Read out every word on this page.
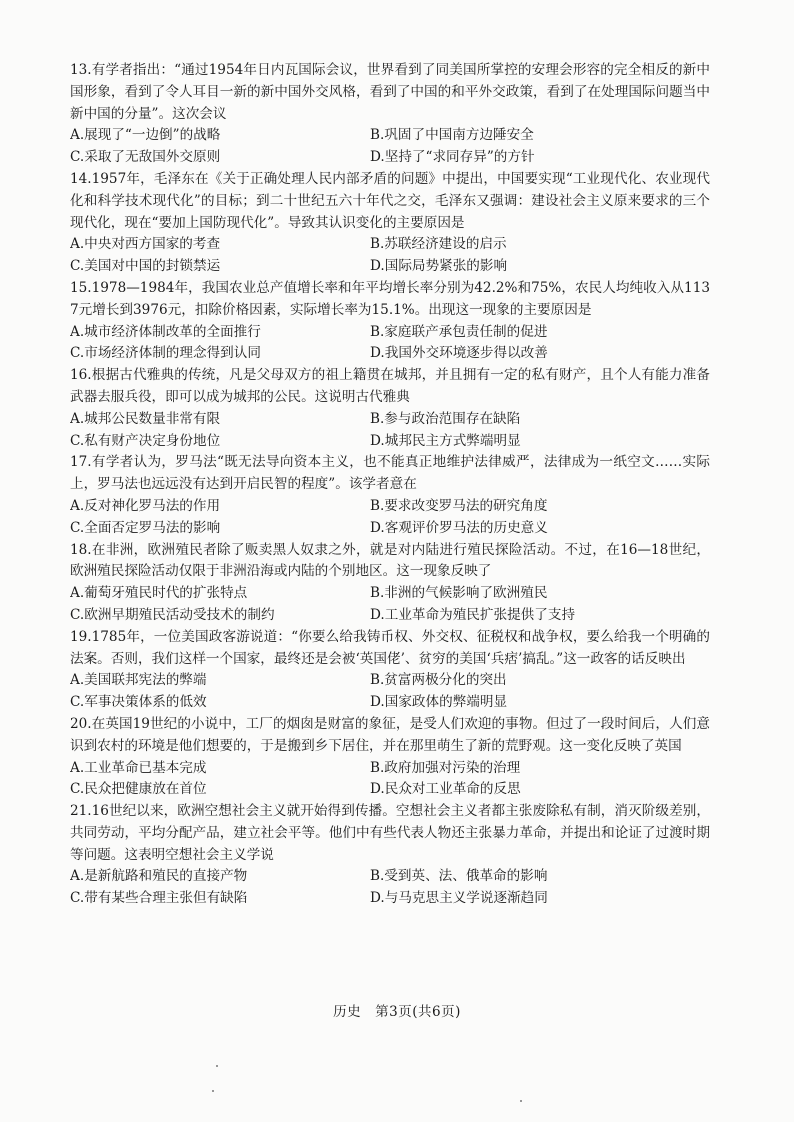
13.有学者指出：“通过1954年日内瓦国际会议，世界看到了同美国所掌控的安理会形容的完全相反的新中国形象，看到了令人耳目一新的新中国外交风格，看到了中国的和平外交政策，看到了在处理国际问题当中新中国的分量”。这次会议

A.展现了“一边倒”的战略	B.巩固了中国南方边陲安全
C.采取了无敌国外交原则	D.坚持了“求同存异”的方针

14.1957年，毛泽东在《关于正确处理人民内部矛盾的问题》中提出，中国要实现“工业现代化、农业现代化和科学技术现代化”的目标；到二十世纪五六十年代之交，毛泽东又强调：建设社会主义原来要求的三个现代化，现在“要加上国防现代化”。导致其认识变化的主要原因是

A.中央对西方国家的考查	B.苏联经济建设的启示
C.美国对中国的封锁禁运	D.国际局势紧张的影响

15.1978—1984年，我国农业总产值增长率和年平均增长率分别为42.2%和75%，农民人均纯收入从1137元增长到3976元，扣除价格因素，实际增长率为15.1%。出现这一现象的主要原因是

A.城市经济体制改革的全面推行	B.家庭联产承包责任制的促进
C.市场经济体制的理念得到认同	D.我国外交环境逐步得以改善

16.根据古代雅典的传统，凡是父母双方的祖上籍贯在城邦，并且拥有一定的私有财产，且个人有能力准备武器去服兵役，即可以成为城邦的公民。这说明古代雅典

A.城邦公民数量非常有限	B.参与政治范围存在缺陷
C.私有财产决定身份地位	D.城邦民主方式弊端明显

17.有学者认为，罗马法“既无法导向资本主义，也不能真正地维护法律威严，法律成为一纸空文……实际上，罗马法也远远没有达到开启民智的程度”。该学者意在

A.反对神化罗马法的作用	B.要求改变罗马法的研究角度
C.全面否定罗马法的影响	D.客观评价罗马法的历史意义

18.在非洲，欧洲殖民者除了贩卖黑人奴隶之外，就是对内陆进行殖民探险活动。不过，在16—18世纪，欧洲殖民探险活动仅限于非洲沿海或内陆的个别地区。这一现象反映了

A.葡萄牙殖民时代的扩张特点	B.非洲的气候影响了欧洲殖民
C.欧洲早期殖民活动受技术的制约	D.工业革命为殖民扩张提供了支持

19.1785年，一位美国政客游说道：“你要么给我铸币权、外交权、征税权和战争权，要么给我一个明确的法案。否则，我们这样一个国家，最终还是会被‘英国佬’、贫穷的美国‘兵痞’搞乱。”这一政客的话反映出

A.美国联邦宪法的弊端	B.贫富两极分化的突出
C.军事决策体系的低效	D.国家政体的弊端明显

20.在英国19世纪的小说中，工厂的烟囱是财富的象征，是受人们欢迎的事物。但过了一段时间后，人们意识到农村的环境是他们想要的，于是搬到乡下居住，并在那里萌生了新的荒野观。这一变化反映了英国

A.工业革命已基本完成	B.政府加强对污染的治理
C.民众把健康放在首位	D.民众对工业革命的反思

21.16世纪以来，欧洲空想社会主义就开始得到传播。空想社会主义者都主张废除私有制，消灭阶级差别，共同劳动，平均分配产品，建立社会平等。他们中有些代表人物还主张暴力革命，并提出和论证了过渡时期等问题。这表明空想社会主义学说

A.是新航路和殖民的直接产物	B.受到英、法、俄革命的影响
C.带有某些合理主张但有缺陷	D.与马克思主义学说逐渐趋同
历史　第3页(共6页)
